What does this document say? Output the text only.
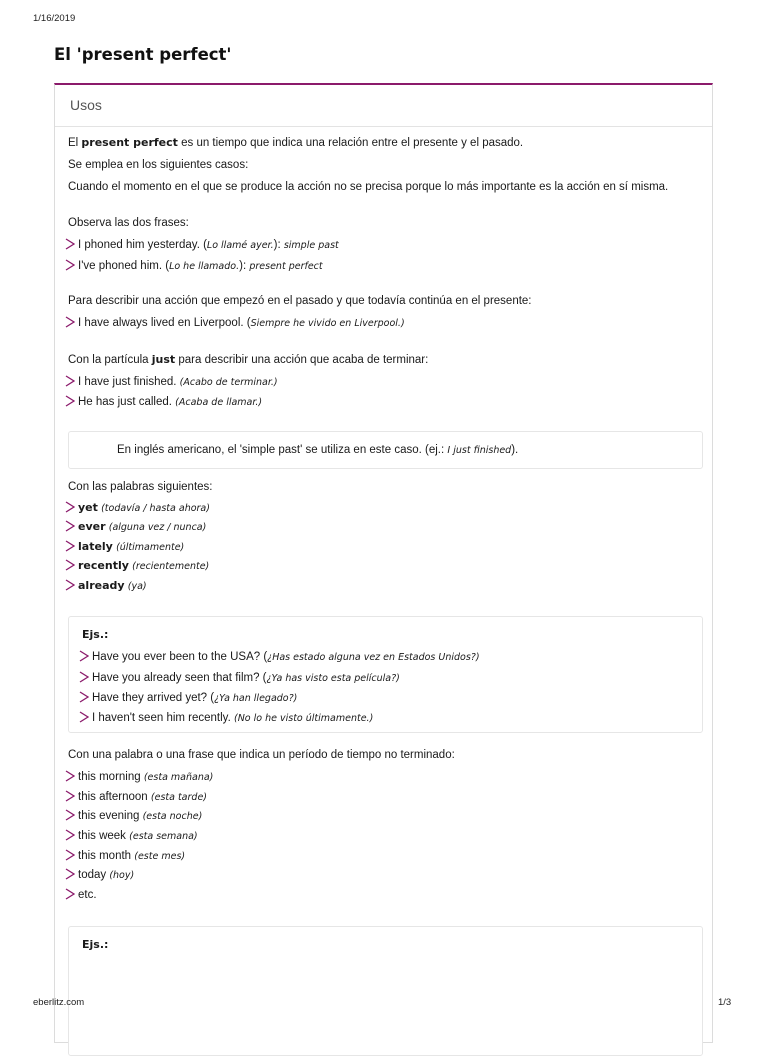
1/16/2019
El 'present perfect'
Usos
El present perfect es un tiempo que indica una relación entre el presente y el pasado.
Se emplea en los siguientes casos:
Cuando el momento en el que se produce la acción no se precisa porque lo más importante es la acción en sí misma.
Observa las dos frases:
I phoned him yesterday. (Lo llamé ayer.): simple past
I've phoned him. (Lo he llamado.): present perfect
Para describir una acción que empezó en el pasado y que todavía continúa en el presente:
I have always lived en Liverpool. (Siempre he vivido en Liverpool.)
Con la partícula just para describir una acción que acaba de terminar:
I have just finished. (Acabo de terminar.)
He has just called. (Acaba de llamar.)
En inglés americano, el 'simple past' se utiliza en este caso. (ej.: I just finished).
Con las palabras siguientes:
yet (todavía / hasta ahora)
ever (alguna vez / nunca)
lately (últimamente)
recently (recientemente)
already (ya)
Ejs.:
Have you ever been to the USA? (¿Has estado alguna vez en Estados Unidos?)
Have you already seen that film? (¿Ya has visto esta película?)
Have they arrived yet? (¿Ya han llegado?)
I haven't seen him recently. (No lo he visto últimamente.)
Con una palabra o una frase que indica un período de tiempo no terminado:
this morning (esta mañana)
this afternoon (esta tarde)
this evening (esta noche)
this week (esta semana)
this month (este mes)
today (hoy)
etc.
Ejs.:
eberlitz.com	1/3
